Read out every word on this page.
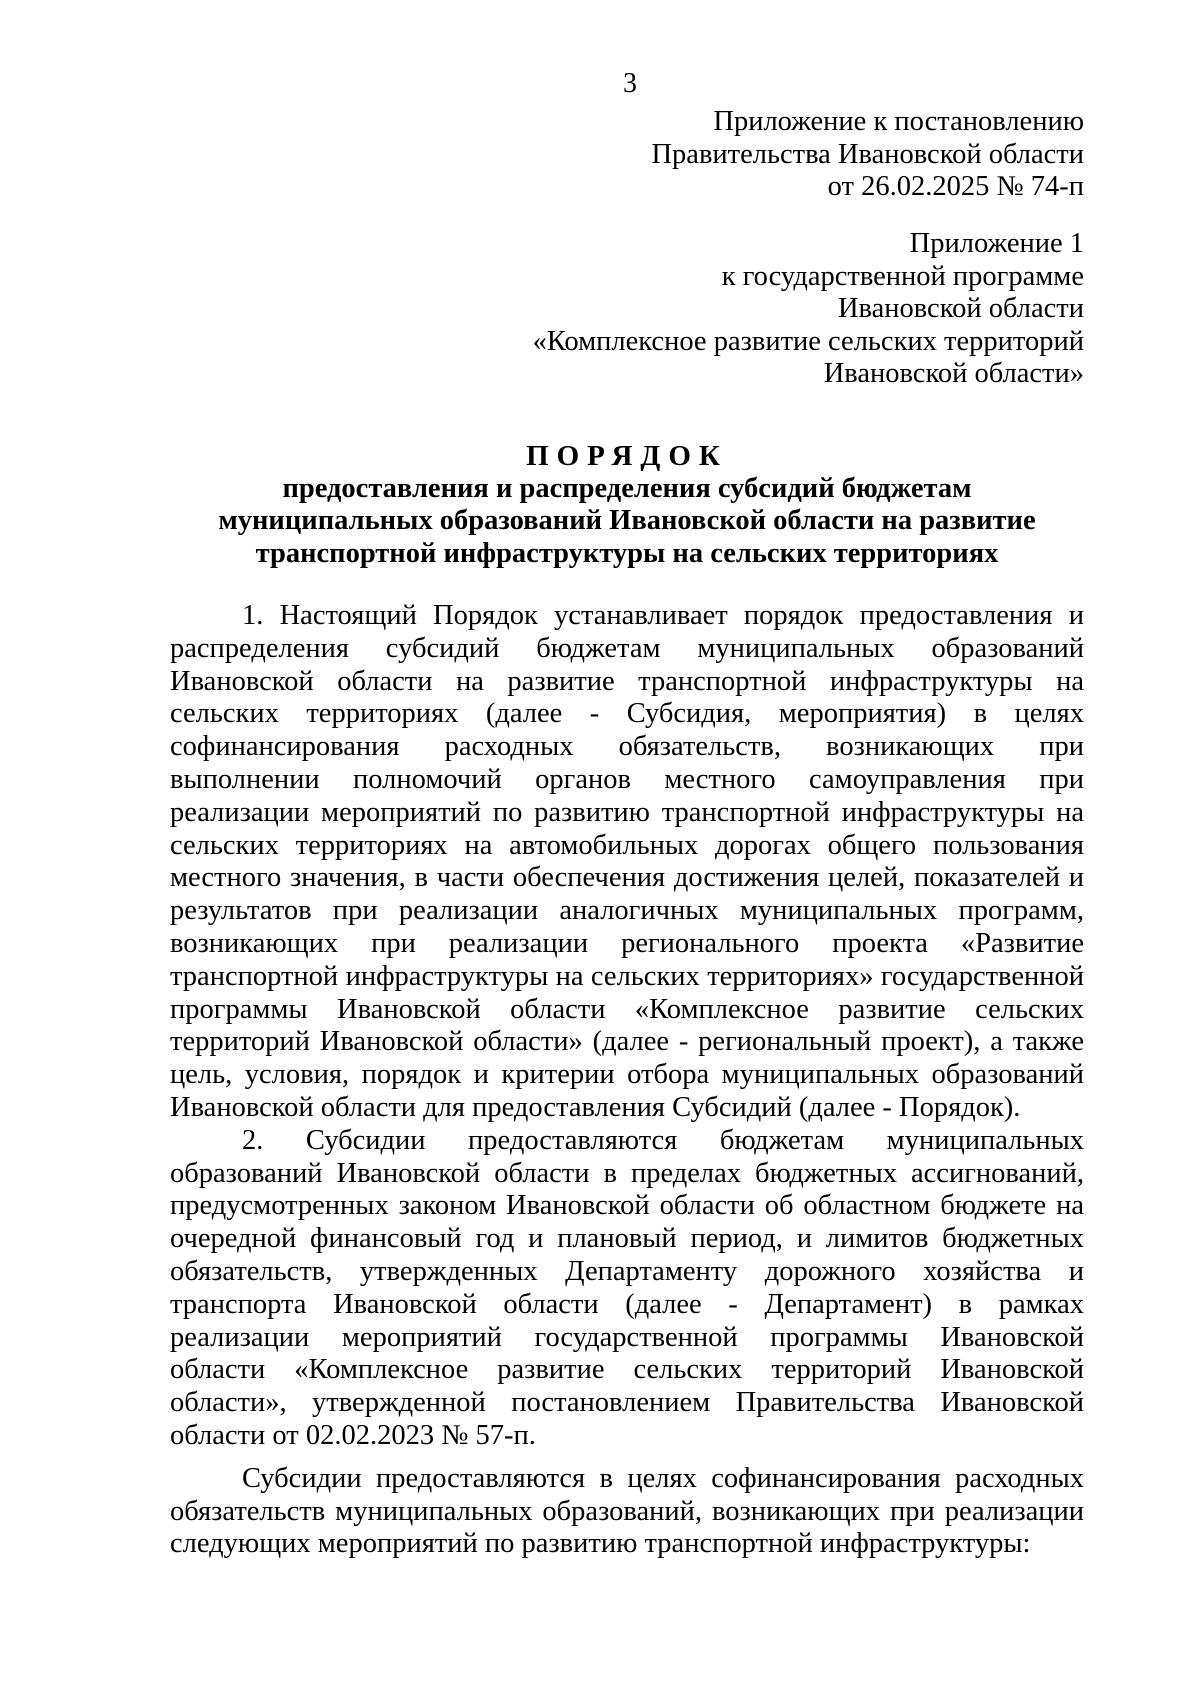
3
Приложение к постановлению
Правительства Ивановской области
от 26.02.2025 № 74-п
Приложение 1
к государственной программе
Ивановской области
«Комплексное развитие сельских территорий
Ивановской области»
ПОРЯДОК
предоставления и распределения субсидий бюджетам
муниципальных образований Ивановской области на развитие
транспортной инфраструктуры на сельских территориях

1. Настоящий Порядок устанавливает порядок предоставления и распределения субсидий бюджетам муниципальных образований Ивановской области на развитие транспортной инфраструктуры на сельских территориях (далее - Субсидия, мероприятия) в целях софинансирования расходных обязательств, возникающих при выполнении полномочий органов местного самоуправления при реализации мероприятий по развитию транспортной инфраструктуры на сельских территориях на автомобильных дорогах общего пользования местного значения, в части обеспечения достижения целей, показателей и результатов при реализации аналогичных муниципальных программ, возникающих при реализации регионального проекта «Развитие транспортной инфраструктуры на сельских территориях» государственной программы Ивановской области «Комплексное развитие сельских территорий Ивановской области» (далее - региональный проект), а также цель, условия, порядок и критерии отбора муниципальных образований Ивановской области для предоставления Субсидий (далее - Порядок).

2. Субсидии предоставляются бюджетам муниципальных образований Ивановской области в пределах бюджетных ассигнований, предусмотренных законом Ивановской области об областном бюджете на очередной финансовый год и плановый период, и лимитов бюджетных обязательств, утвержденных Департаменту дорожного хозяйства и транспорта Ивановской области (далее - Департамент) в рамках реализации мероприятий государственной программы Ивановской области «Комплексное развитие сельских территорий Ивановской области», утвержденной постановлением Правительства Ивановской области от 02.02.2023 № 57-п.

Субсидии предоставляются в целях софинансирования расходных обязательств муниципальных образований, возникающих при реализации следующих мероприятий по развитию транспортной инфраструктуры:
